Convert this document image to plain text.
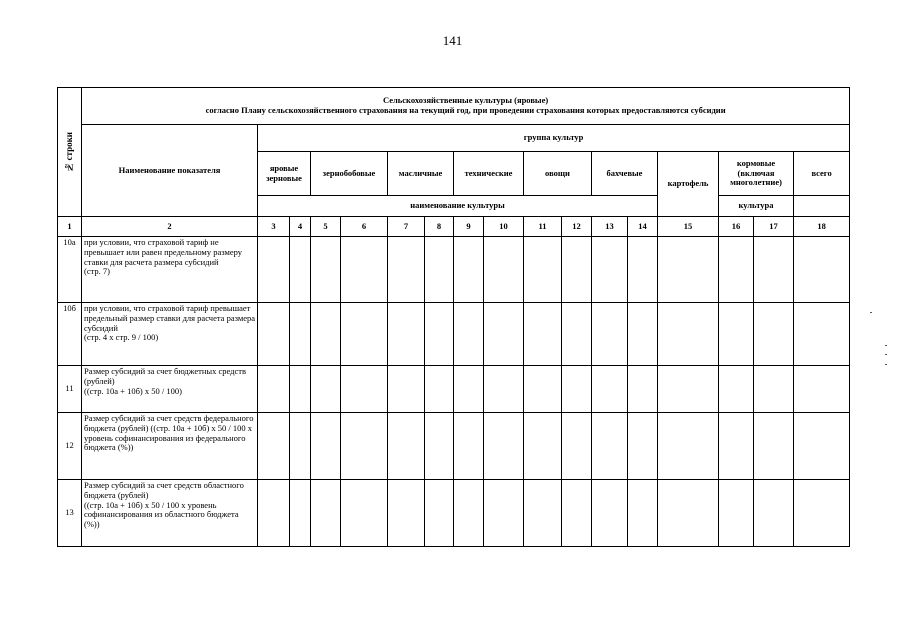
141
№ строки	Сельскохозяйственные культуры (яровые)
согласно Плану сельскохозяйственного страхования на текущий год, при проведении страхования которых предоставляются субсидии																

	Наименование показателя	группа культур															
		яровые зерновые		зернобобовые		масличные		технические		овощи		бахчевые		картофель	кормовые (включая многолетние)		всего
		наименование культуры													культура		
1	2	3	4	5	6	7	8	9	10	11	12	13	14	15	16	17	18
10а	при условии, что страховой тариф не превышает или равен предельному размеру ставки для расчета размера субсидий
(стр. 7)																
10б	при условии, что страховой тариф превышает предельный размер ставки для расчета размера субсидий
(стр. 4 х стр. 9 / 100)																
11	Размер субсидий за счет бюджетных средств (рублей)
((стр. 10а + 10б) х 50 / 100)																
12	Размер субсидий за счет средств федерального бюджета (рублей) ((стр. 10а + 10б) х 50 / 100 х уровень софинансирования из федерального бюджета (%))																
13	Размер субсидий за счет средств областного бюджета (рублей)
((стр. 10а + 10б) х 50 / 100 х уровень софинансирования из областного бюджета (%))																
